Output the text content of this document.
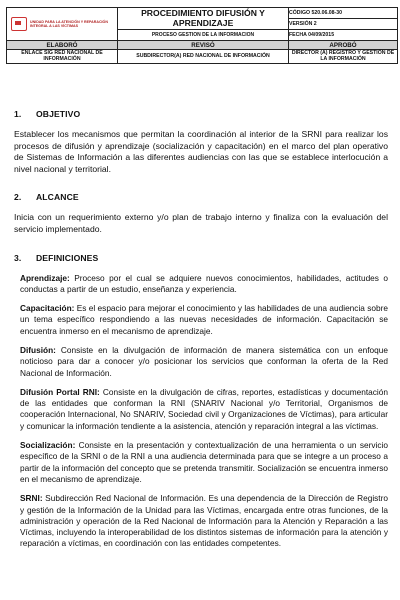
UNIDAD PARA LA ATENCIÓN Y REPARACIÓN INTEGRAL A LAS VÍCTIMAS	PROCEDIMIENTO DIFUSIÓN Y APRENDIZAJE	CÓDIGO 520.06.08-30
		VERSIÓN 2
	PROCESO GESTION DE LA INFORMACION	FECHA 04/09/2015
ELABORÓ	REVISÓ	APROBÓ
ENLACE SIG RED NACIONAL DE INFORMACIÓN	SUBDIRECTOR(A) RED NACIONAL DE INFORMACIÓN	DIRECTOR (A) REGISTRO Y GESTIÓN DE LA INFORMACIÓN
1. OBJETIVO

Establecer los mecanismos que permitan la coordinación al interior de la SRNI para realizar los procesos de difusión y aprendizaje (socialización y capacitación) en el marco del plan operativo de Sistemas de Información a las diferentes audiencias con las que se establece interlocución a nivel nacional y territorial.

2. ALCANCE

Inicia con un requerimiento externo y/o plan de trabajo interno y finaliza con la evaluación del servicio implementado.

3. DEFINICIONES

Aprendizaje: Proceso por el cual se adquiere nuevos conocimientos, habilidades, actitudes o conductas a partir de un estudio, enseñanza y experiencia.

Capacitación: Es el espacio para mejorar el conocimiento y las habilidades de una audiencia sobre un tema específico respondiendo a las nuevas necesidades de información. Capacitación se encuentra inmerso en el mecanismo de aprendizaje.

Difusión: Consiste en la divulgación de información de manera sistemática con un enfoque noticioso para dar a conocer y/o posicionar los servicios que conforman la oferta de la Red Nacional de Información.

Difusión Portal RNI: Consiste en la divulgación de cifras, reportes, estadísticas y documentación de las entidades que conforman la RNI (SNARIV Nacional y/o Territorial, Organismos de cooperación Internacional, No SNARIV, Sociedad civil y Organizaciones de Víctimas), para articular y comunicar la información tendiente a la asistencia, atención y reparación integral a las víctimas.

Socialización: Consiste en la presentación y contextualización de una herramienta o un servicio específico de la SRNI o de la RNI a una audiencia determinada para que se integre a un proceso a partir de la información del concepto que se pretenda transmitir. Socialización se encuentra inmerso en el mecanismo de aprendizaje.

SRNI: Subdirección Red Nacional de Información. Es una dependencia de la Dirección de Registro y gestión de la Información de la Unidad para las Víctimas, encargada entre otras funciones, de la administración y operación de la Red Nacional de Información para la Atención y Reparación a las Víctimas, incluyendo la interoperabilidad de los distintos sistemas de información para la atención y reparación a víctimas, en coordinación con las entidades competentes.
